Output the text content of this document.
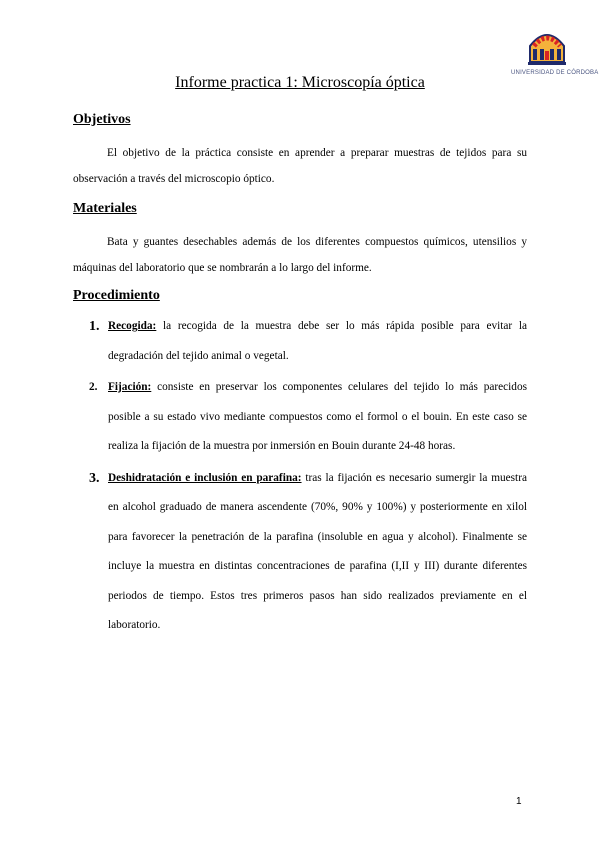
UNIVERSIDAD DE CÓRDOBA
Informe practica 1: Microscopía óptica
Objetivos

El objetivo de la práctica consiste en aprender a preparar muestras de tejidos para su observación a través del microscopio óptico.

Materiales

Bata y guantes desechables además de los diferentes compuestos químicos, utensilios y máquinas del laboratorio que se nombrarán a lo largo del informe.

Procedimiento
1. Recogida: la recogida de la muestra debe ser lo más rápida posible para evitar la degradación del tejido animal o vegetal.
2. Fijación: consiste en preservar los componentes celulares del tejido lo más parecidos posible a su estado vivo mediante compuestos como el formol o el bouin. En este caso se realiza la fijación de la muestra por inmersión en Bouin durante 24-48 horas.
3. Deshidratación e inclusión en parafina: tras la fijación es necesario sumergir la muestra en alcohol graduado de manera ascendente (70%, 90% y 100%) y posteriormente en xilol para favorecer la penetración de la parafina (insoluble en agua y alcohol). Finalmente se incluye la muestra en distintas concentraciones de parafina (I,II y III) durante diferentes periodos de tiempo. Estos tres primeros pasos han sido realizados previamente en el laboratorio.
1
